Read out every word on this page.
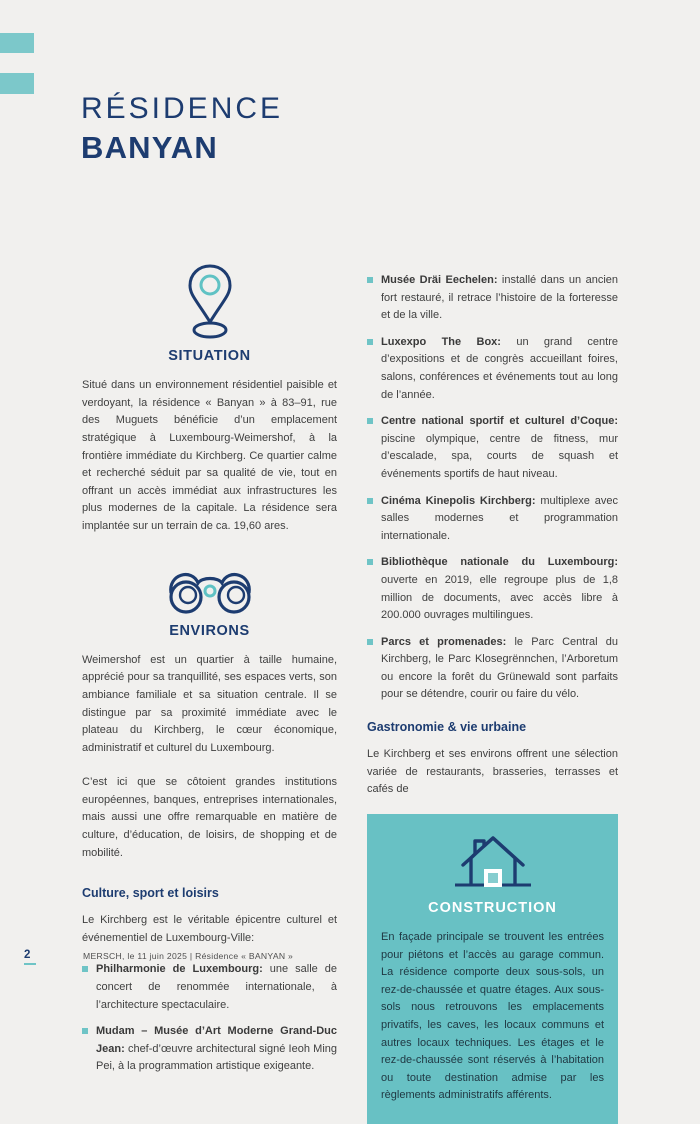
RÉSIDENCE
BANYAN
SITUATION

Situé dans un environnement résidentiel paisible et verdoyant, la résidence « Banyan » à 83–91, rue des Muguets bénéficie d’un emplacement stratégique à Luxembourg-Weimershof, à la frontière immédiate du Kirchberg. Ce quartier calme et recherché séduit par sa qualité de vie, tout en offrant un accès immédiat aux infrastructures les plus modernes de la capitale. La résidence sera implantée sur un terrain de ca. 19,60 ares.

ENVIRONS

Weimershof est un quartier à taille humaine, apprécié pour sa tranquillité, ses espaces verts, son ambiance familiale et sa situation centrale. Il se distingue par sa proximité immédiate avec le plateau du Kirchberg, le cœur économique, administratif et culturel du Luxembourg.

C’est ici que se côtoient grandes institutions européennes, banques, entreprises internationales, mais aussi une offre remarquable en matière de culture, d’éducation, de loisirs, de shopping et de mobilité.

Culture, sport et loisirs

Le Kirchberg est le véritable épicentre culturel et événementiel de Luxembourg-Ville:

Philharmonie de Luxembourg: une salle de concert de renommée internationale, à l’architecture spectaculaire.
Mudam – Musée d’Art Moderne Grand-Duc Jean: chef-d’œuvre architectural signé Ieoh Ming Pei, à la programmation artistique exigeante.
Musée Dräi Eechelen: installé dans un ancien fort restauré, il retrace l’histoire de la forteresse et de la ville.
Luxexpo The Box: un grand centre d’expositions et de congrès accueillant foires, salons, conférences et événements tout au long de l’année.
Centre national sportif et culturel d’Coque: piscine olympique, centre de fitness, mur d’escalade, spa, courts de squash et événements sportifs de haut niveau.
Cinéma Kinepolis Kirchberg: multiplexe avec salles modernes et programmation internationale.
Bibliothèque nationale du Luxembourg: ouverte en 2019, elle regroupe plus de 1,8 million de documents, avec accès libre à 200.000 ouvrages multilingues.
Parcs et promenades: le Parc Central du Kirchberg, le Parc Klosegrënnchen, l’Arboretum ou encore la forêt du Grünewald sont parfaits pour se détendre, courir ou faire du vélo.
Gastronomie & vie urbaine

Le Kirchberg et ses environs offrent une sélection variée de restaurants, brasseries, terrasses et cafés de

CONSTRUCTION

En façade principale se trouvent les entrées pour piétons et l’accès au garage commun. La résidence comporte deux sous-sols, un rez-de-chaussée et quatre étages. Aux sous-sols nous retrouvons les emplacements privatifs, les caves, les locaux communs et autres locaux techniques. Les étages et le rez-de-chaussée sont réservés à l’habitation ou toute destination admise par les règlements administratifs afférents.

2	MERSCH, le 11 juin 2025 | Résidence « BANYAN »
